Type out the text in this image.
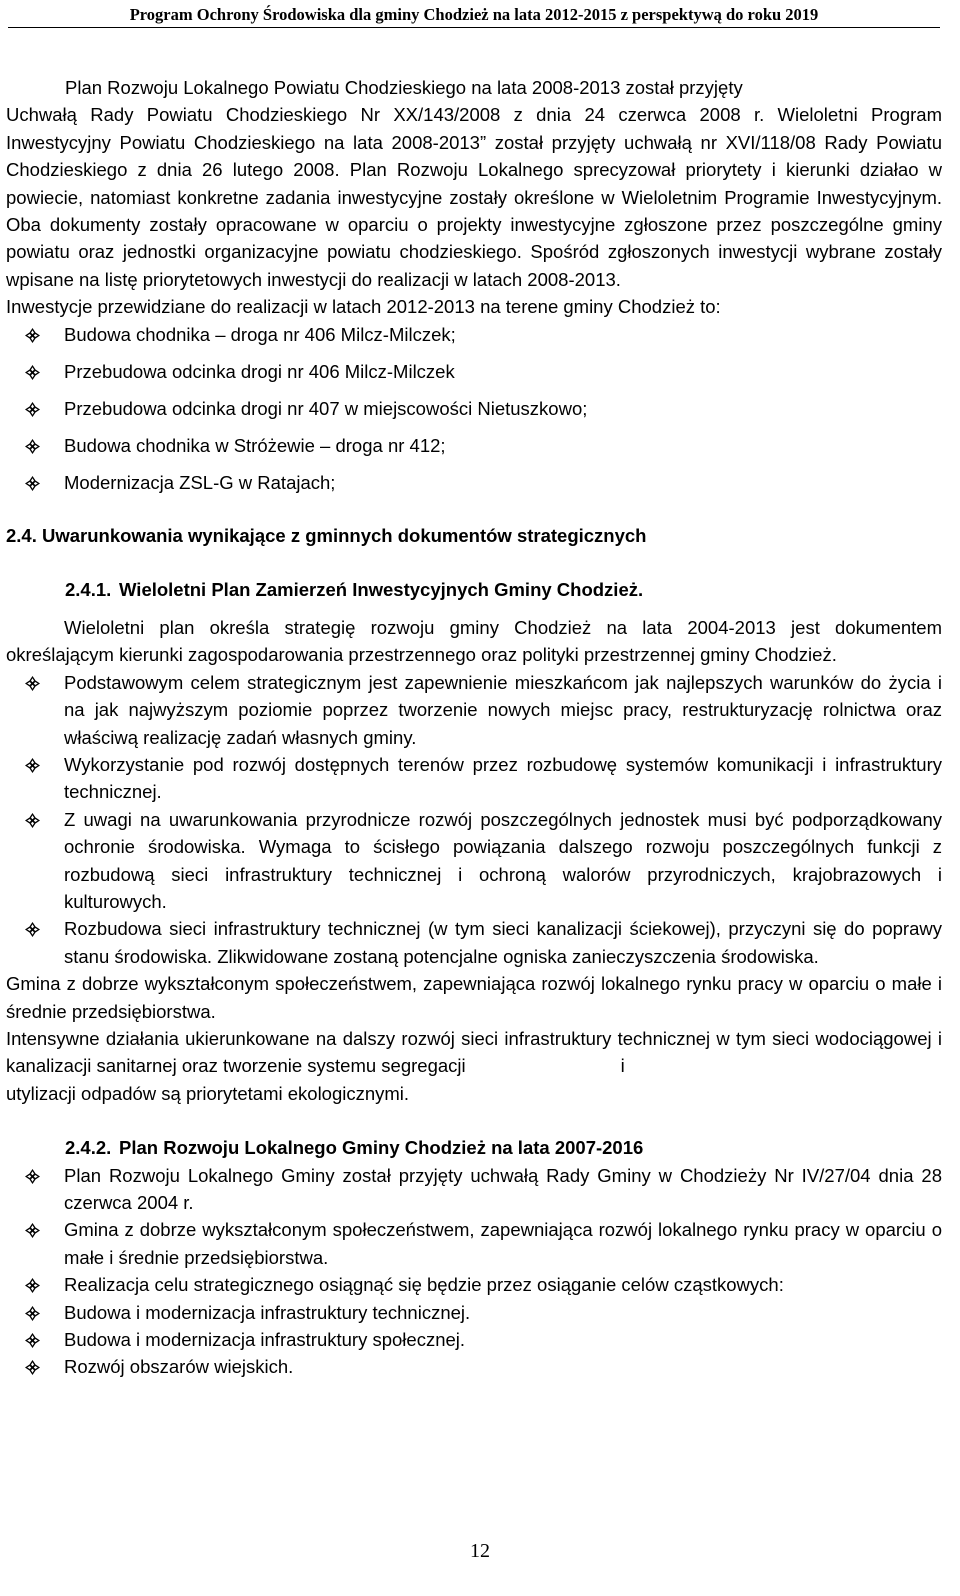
Program Ochrony Środowiska dla gminy Chodzież na lata 2012-2015 z perspektywą do roku 2019

Plan Rozwoju Lokalnego Powiatu Chodzieskiego na lata 2008-2013 został przyjęty

Uchwałą Rady Powiatu Chodzieskiego Nr XX/143/2008 z dnia 24 czerwca 2008 r. Wieloletni Program Inwestycyjny Powiatu Chodzieskiego na lata 2008-2013” został przyjęty uchwałą nr XVI/118/08 Rady Powiatu Chodzieskiego z dnia 26 lutego 2008. Plan Rozwoju Lokalnego sprecyzował priorytety i kierunki działao w powiecie, natomiast konkretne zadania inwestycyjne zostały określone w Wieloletnim Programie Inwestycyjnym. Oba dokumenty zostały opracowane w oparciu o projekty inwestycyjne zgłoszone przez poszczególne gminy powiatu oraz jednostki organizacyjne powiatu chodzieskiego. Spośród zgłoszonych inwestycji wybrane zostały wpisane na listę priorytetowych inwestycji do realizacji w latach 2008-2013.

Inwestycje przewidziane do realizacji w latach 2012-2013 na terene gminy Chodzież to:

Budowa chodnika – droga nr 406 Milcz-Milczek;
Przebudowa odcinka drogi nr 406 Milcz-Milczek
Przebudowa odcinka drogi nr 407 w miejscowości Nietuszkowo;
Budowa chodnika w Stróżewie – droga nr 412;
Modernizacja ZSL-G w Ratajach;
2.4. Uwarunkowania wynikające z gminnych dokumentów strategicznych
2.4.1. Wieloletni Plan Zamierzeń Inwestycyjnych Gminy Chodzież.

Wieloletni plan określa strategię rozwoju gminy Chodzież na lata 2004-2013 jest dokumentem określającym kierunki zagospodarowania przestrzennego oraz polityki przestrzennej gminy Chodzież.

Podstawowym celem strategicznym jest zapewnienie mieszkańcom jak najlepszych warunków do życia i na jak najwyższym poziomie poprzez tworzenie nowych miejsc pracy, restrukturyzację rolnictwa oraz właściwą realizację zadań własnych gminy.
Wykorzystanie pod rozwój dostępnych terenów przez rozbudowę systemów komunikacji i infrastruktury technicznej.
Z uwagi na uwarunkowania przyrodnicze rozwój poszczególnych jednostek musi być podporządkowany ochronie środowiska. Wymaga to ścisłego powiązania dalszego rozwoju poszczególnych funkcji z rozbudową sieci infrastruktury technicznej i ochroną walorów przyrodniczych, krajobrazowych i kulturowych.
Rozbudowa sieci infrastruktury technicznej (w tym sieci kanalizacji ściekowej), przyczyni się do poprawy stanu środowiska. Zlikwidowane zostaną potencjalne ogniska zanieczyszczenia środowiska.

Gmina z dobrze wykształconym społeczeństwem, zapewniająca rozwój lokalnego rynku pracy w oparciu o małe i średnie przedsiębiorstwa.

Intensywne działania ukierunkowane na dalszy rozwój sieci infrastruktury technicznej w tym sieci wodociągowej i kanalizacji sanitarnej oraz tworzenie systemu segregacji	i

utylizacji odpadów są priorytetami ekologicznymi.

2.4.2. Plan Rozwoju Lokalnego Gminy Chodzież na lata 2007-2016
Plan Rozwoju Lokalnego Gminy został przyjęty uchwałą Rady Gminy w Chodzieży Nr IV/27/04 dnia 28 czerwca 2004 r.
Gmina z dobrze wykształconym społeczeństwem, zapewniająca rozwój lokalnego rynku pracy w oparciu o małe i średnie przedsiębiorstwa.
Realizacja celu strategicznego osiągnąć się będzie przez osiąganie celów cząstkowych:
Budowa i modernizacja infrastruktury technicznej.
Budowa i modernizacja infrastruktury społecznej.
Rozwój obszarów wiejskich.
12
